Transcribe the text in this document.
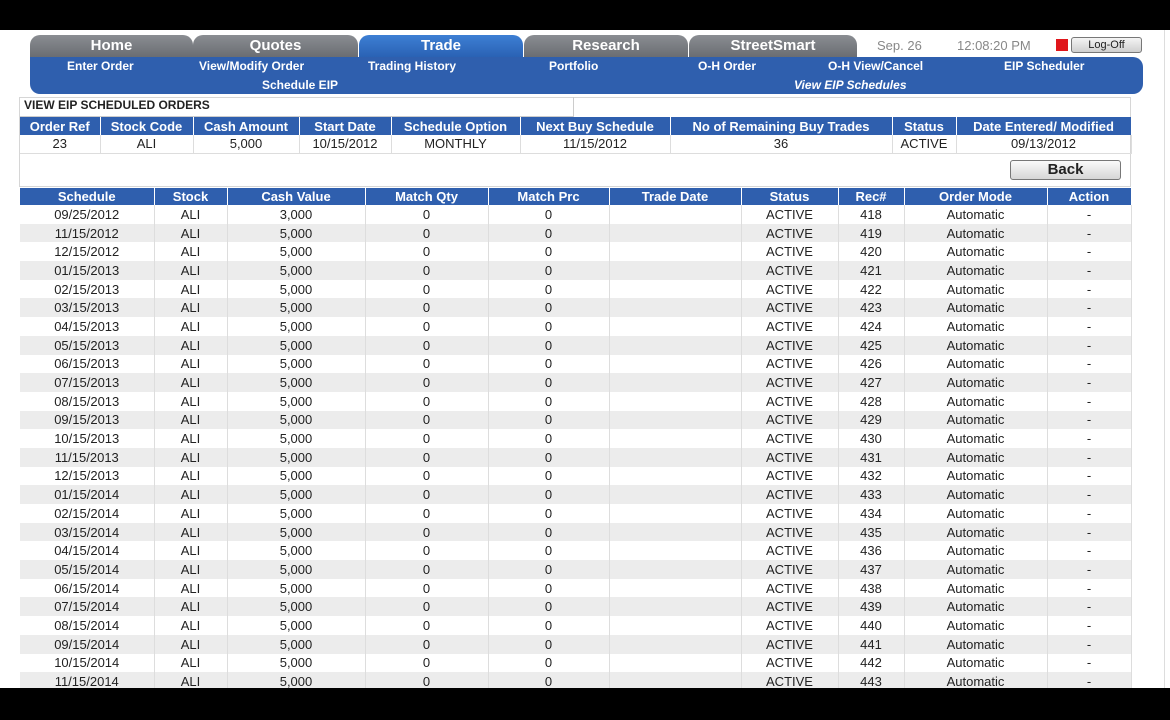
Home	Quotes	Trade	Research	StreetSmart	Sep. 26	12:08:20 PM	Log-Off
Enter Order	View/Modify Order	Trading History	Portfolio	O-H Order	O-H View/Cancel	EIP Scheduler
Schedule EIP	View EIP Schedules
VIEW EIP SCHEDULED ORDERS
Order Ref	Stock Code	Cash Amount	Start Date	Schedule Option	Next Buy Schedule	No of Remaining Buy Trades	Status	Date Entered/ Modified
23	ALI	5,000	10/15/2012	MONTHLY	11/15/2012	36	ACTIVE	09/13/2012
Back
Schedule	Stock	Cash Value	Match Qty	Match Prc	Trade Date	Status	Rec#	Order Mode	Action
09/25/2012	ALI	3,000	0	0		ACTIVE	418	Automatic	-
11/15/2012	ALI	5,000	0	0		ACTIVE	419	Automatic	-
12/15/2012	ALI	5,000	0	0		ACTIVE	420	Automatic	-
01/15/2013	ALI	5,000	0	0		ACTIVE	421	Automatic	-
02/15/2013	ALI	5,000	0	0		ACTIVE	422	Automatic	-
03/15/2013	ALI	5,000	0	0		ACTIVE	423	Automatic	-
04/15/2013	ALI	5,000	0	0		ACTIVE	424	Automatic	-
05/15/2013	ALI	5,000	0	0		ACTIVE	425	Automatic	-
06/15/2013	ALI	5,000	0	0		ACTIVE	426	Automatic	-
07/15/2013	ALI	5,000	0	0		ACTIVE	427	Automatic	-
08/15/2013	ALI	5,000	0	0		ACTIVE	428	Automatic	-
09/15/2013	ALI	5,000	0	0		ACTIVE	429	Automatic	-
10/15/2013	ALI	5,000	0	0		ACTIVE	430	Automatic	-
11/15/2013	ALI	5,000	0	0		ACTIVE	431	Automatic	-
12/15/2013	ALI	5,000	0	0		ACTIVE	432	Automatic	-
01/15/2014	ALI	5,000	0	0		ACTIVE	433	Automatic	-
02/15/2014	ALI	5,000	0	0		ACTIVE	434	Automatic	-
03/15/2014	ALI	5,000	0	0		ACTIVE	435	Automatic	-
04/15/2014	ALI	5,000	0	0		ACTIVE	436	Automatic	-
05/15/2014	ALI	5,000	0	0		ACTIVE	437	Automatic	-
06/15/2014	ALI	5,000	0	0		ACTIVE	438	Automatic	-
07/15/2014	ALI	5,000	0	0		ACTIVE	439	Automatic	-
08/15/2014	ALI	5,000	0	0		ACTIVE	440	Automatic	-
09/15/2014	ALI	5,000	0	0		ACTIVE	441	Automatic	-
10/15/2014	ALI	5,000	0	0		ACTIVE	442	Automatic	-
11/15/2014	ALI	5,000	0	0		ACTIVE	443	Automatic	-
